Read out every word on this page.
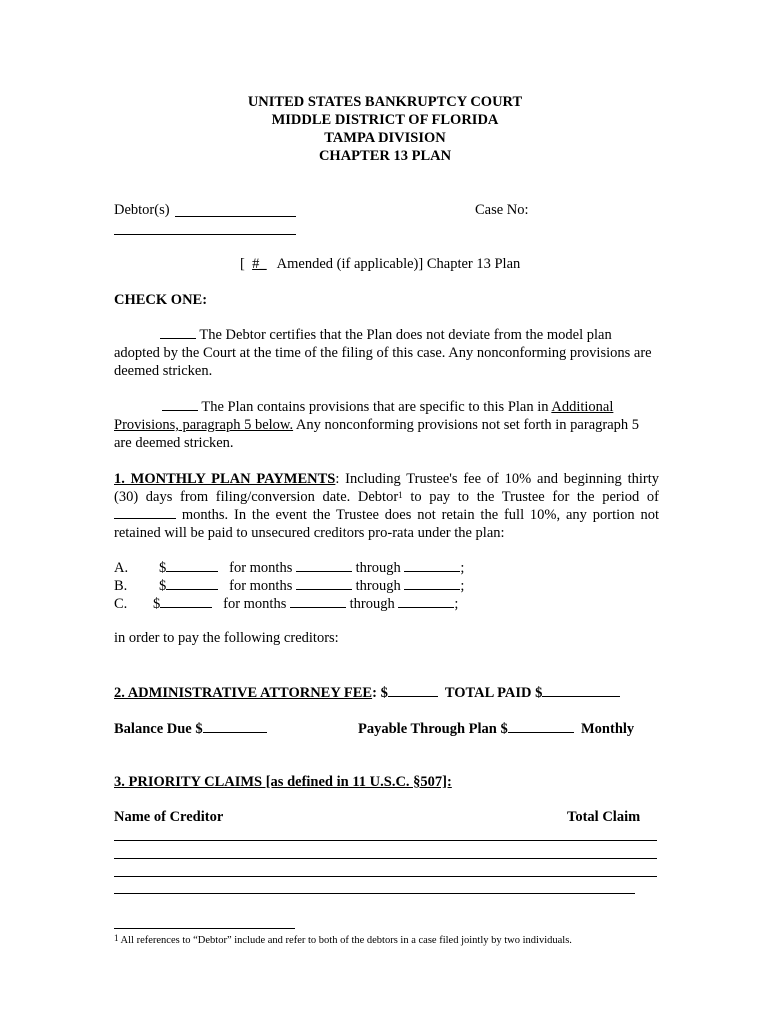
UNITED STATES BANKRUPTCY COURT
MIDDLE DISTRICT OF FLORIDA
TAMPA DIVISION
CHAPTER 13 PLAN
Debtor(s)	Case No:
[ #_ Amended (if applicable)] Chapter 13 Plan
CHECK ONE:
The Debtor certifies that the Plan does not deviate from the model plan adopted by the Court at the time of the filing of this case. Any nonconforming provisions are deemed stricken.
The Plan contains provisions that are specific to this Plan in Additional Provisions, paragraph 5 below. Any nonconforming provisions not set forth in paragraph 5 are deemed stricken.
1. MONTHLY PLAN PAYMENTS: Including Trustee's fee of 10% and beginning thirty (30) days from filing/conversion date. Debtor$^1$ to pay to the Trustee for the period of  months. In the event the Trustee does not retain the full 10%, any portion not retained will be paid to unsecured creditors pro-rata under the plan:
A. $	for months	through	;
B. $	for months	through	;
C. $	for months	through	;
in order to pay the following creditors:
2. ADMINISTRATIVE ATTORNEY FEE: $	TOTAL PAID $
Balance Due $	Payable Through Plan $	Monthly
3. PRIORITY CLAIMS [as defined in 11 U.S.C. §507]:
Name of Creditor	Total Claim
$^1$ All references to “Debtor” include and refer to both of the debtors in a case filed jointly by two individuals.
